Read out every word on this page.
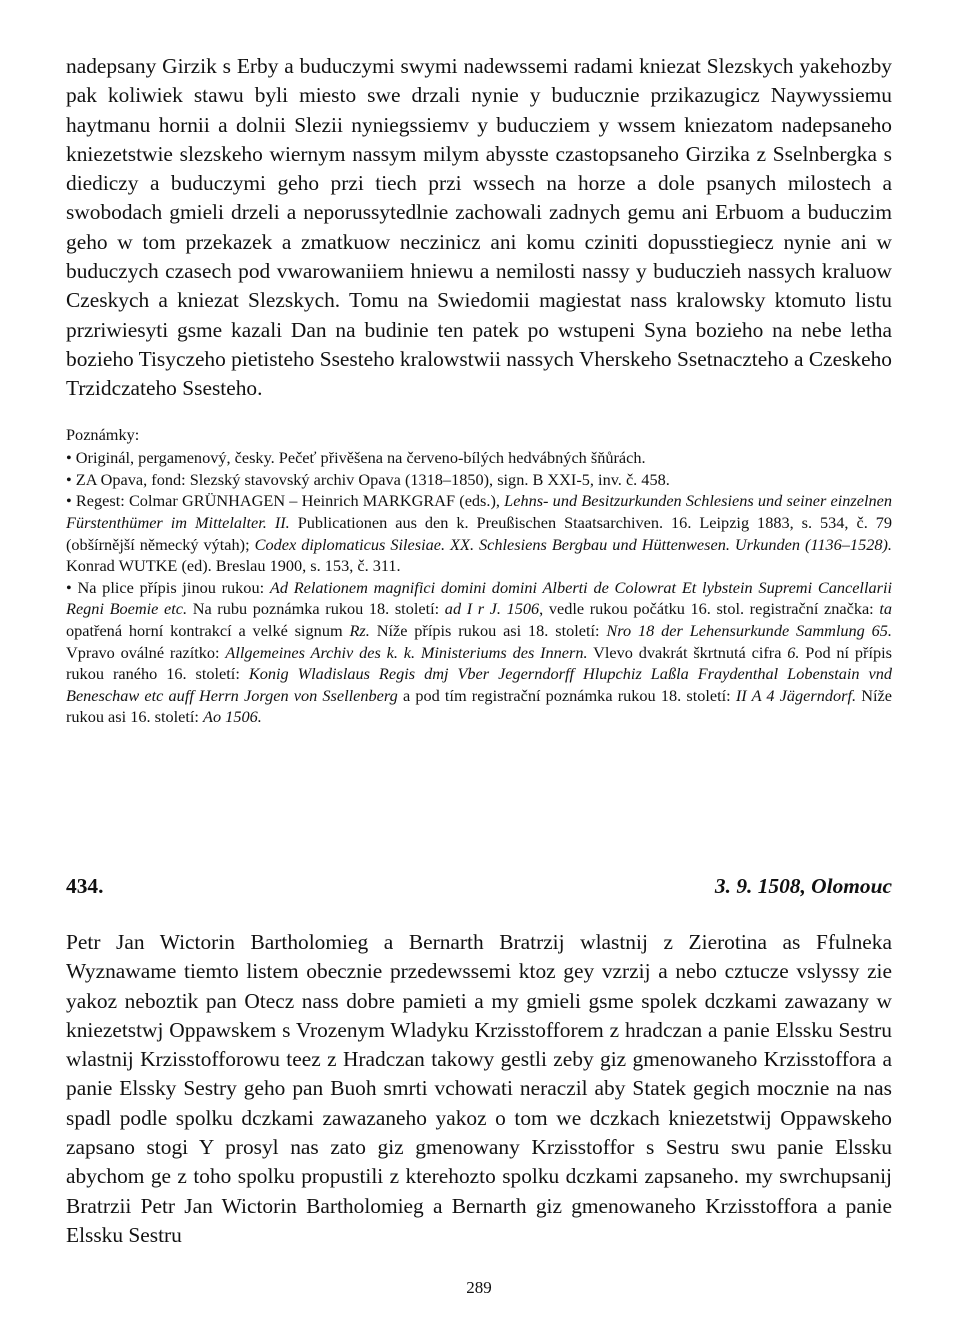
nadepsany Girzik s Erby a buduczymi swymi nadewssemi radami kniezat Slezskych yakehozby pak koliwiek stawu byli miesto swe drzali nynie y buducznie przikazugicz Naywyssiemu haytmanu hornii a dolnii Slezii nyniegssiemv y buducziem y wssem kniezatom nadepsaneho kniezetstwie slezskeho wiernym nassym milym abysste czastopsaneho Girzika z Sselnbergka s diediczy a buduczymi geho przi tiech przi wssech na horze a dole psanych milostech a swobodach gmieli drzeli a neporussytedlnie zachowali zadnych gemu ani Erbuom a buduczim geho w tom przekazek a zmatkuow neczinicz ani komu cziniti dopusstiegiecz nynie ani w buduczych czasech pod vwarowaniiem hniewu a nemilosti nassy y buduczieh nassych kraluow Czeskych a kniezat Slezskych. Tomu na Swiedomii magiestat nass kralowsky ktomuto listu przriwiesyti gsme kazali Dan na budinie ten patek po wstupeni Syna bozieho na nebe letha bozieho Tisyczeho pietisteho Ssesteho kralowstwii nassych Vherskeho Ssetnaczteho a Czeskeho Trzidczateho Ssesteho.

Poznámky:

• Originál, pergamenový, česky. Pečeť přivěšena na červeno-bílých hedvábných šňůrách.

• ZA Opava, fond: Slezský stavovský archiv Opava (1318–1850), sign. B XXI-5, inv. č. 458.

• Regest: Colmar GRÜNHAGEN – Heinrich MARKGRAF (eds.), Lehns- und Besitzurkunden Schlesiens und seiner einzelnen Fürstenthümer im Mittelalter. II. Publicationen aus den k. Preußischen Staatsarchiven. 16. Leipzig 1883, s. 534, č. 79 (obšírnější německý výtah); Codex diplomaticus Silesiae. XX. Schlesiens Bergbau und Hüttenwesen. Urkunden (1136–1528). Konrad WUTKE (ed). Breslau 1900, s. 153, č. 311.

• Na plice přípis jinou rukou: Ad Relationem magnifici domini domini Alberti de Colowrat Et lybstein Supremi Cancellarii Regni Boemie etc. Na rubu poznámka rukou 18. století: ad I r J. 1506, vedle rukou počátku 16. stol. registrační značka: ta opatřená horní kontrakcí a velké signum Rz. Níže přípis rukou asi 18. století: Nro 18 der Lehensurkunde Sammlung 65. Vpravo oválné razítko: Allgemeines Archiv des k. k. Ministeriums des Innern. Vlevo dvakrát škrtnutá cifra 6. Pod ní přípis rukou raného 16. století: Konig Wladislaus Regis dmj Vber Jegerndorff Hlupchiz Laßla Fraydenthal Lobenstain vnd Beneschaw etc auff Herrn Jorgen von Ssellenberg a pod tím registrační poznámka rukou 18. století: II A 4 Jägerndorf. Níže rukou asi 16. století: Ao 1506.

434.	3. 9. 1508, Olomouc

Petr Jan Wictorin Bartholomieg a Bernarth Bratrzij wlastnij z Zierotina as Ffulneka Wyznawame tiemto listem obecznie przedewssemi ktoz gey vzrzij a nebo cztucze vslyssy zie yakoz neboztik pan Otecz nass dobre pamieti a my gmieli gsme spolek dczkami zawazany w kniezetstwj Oppawskem s Vrozenym Wladyku Krzisstofforem z hradczan a panie Elssku Sestru wlastnij Krzisstofforowu teez z Hradczan takowy gestli zeby giz gmenowaneho Krzisstoffora a panie Elssky Sestry geho pan Buoh smrti vchowati neraczil aby Statek gegich mocznie na nas spadl podle spolku dczkami zawazaneho yakoz o tom we dczkach kniezetstwij Oppawskeho zapsano stogi Y prosyl nas zato giz gmenowany Krzisstoffor s Sestru swu panie Elssku abychom ge z toho spolku propustili z kterehozto spolku dczkami zapsaneho. my swrchupsanij Bratrzii Petr Jan Wictorin Bartholomieg a Bernarth giz gmenowaneho Krzisstoffora a panie Elssku Sestru

289
